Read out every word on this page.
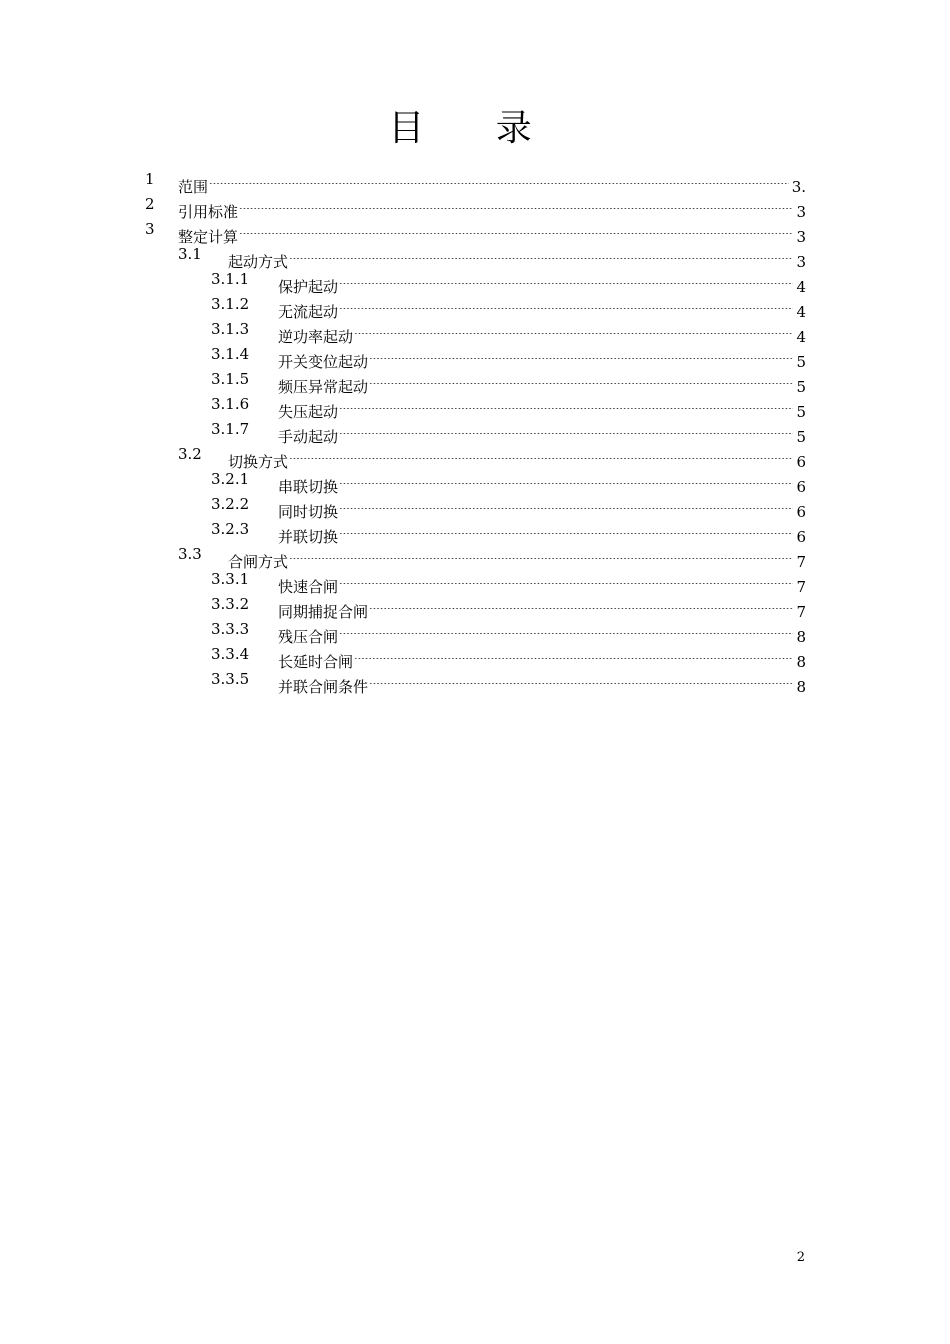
目 录
1 范围	3.
2 引用标准	3
3 整定计算	3
3.1 起动方式	3
3.1.1 保护起动	4
3.1.2 无流起动	4
3.1.3 逆功率起动	4
3.1.4 开关变位起动	5
3.1.5 频压异常起动	5
3.1.6 失压起动	5
3.1.7 手动起动	5
3.2 切换方式	6
3.2.1 串联切换	6
3.2.2 同时切换	6
3.2.3 并联切换	6
3.3 合闸方式	7
3.3.1 快速合闸	7
3.3.2 同期捕捉合闸	7
3.3.3 残压合闸	8
3.3.4 长延时合闸	8
3.3.5 并联合闸条件	8
2
